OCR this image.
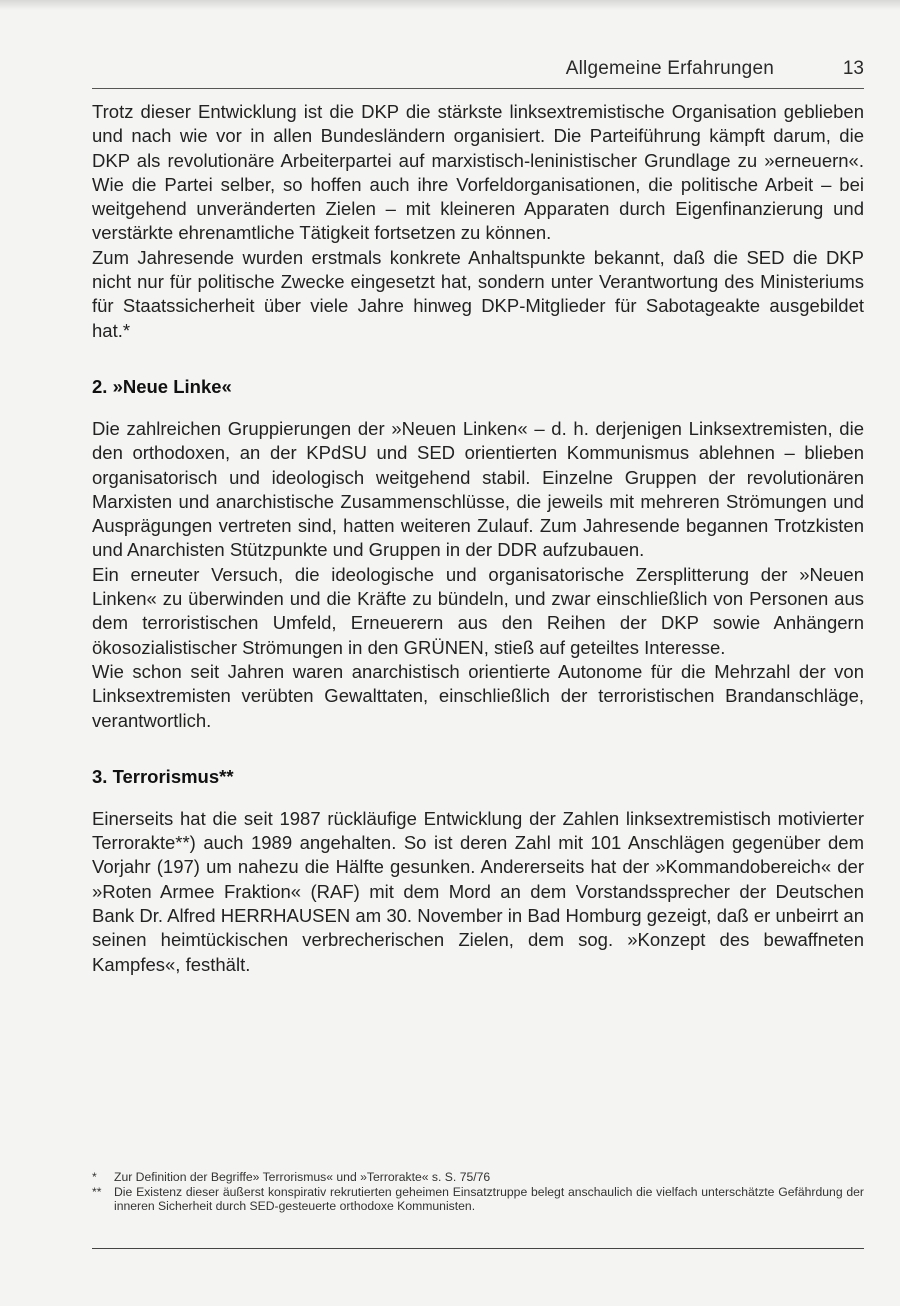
Allgemeine Erfahrungen	13

Trotz dieser Entwicklung ist die DKP die stärkste linksextremistische Organisation geblieben und nach wie vor in allen Bundesländern organisiert. Die Parteiführung kämpft darum, die DKP als revolutionäre Arbeiterpartei auf marxistisch-leninistischer Grundlage zu »erneuern«. Wie die Partei selber, so hoffen auch ihre Vorfeldorganisationen, die politische Arbeit – bei weitgehend unveränderten Zielen – mit kleineren Apparaten durch Eigenfinanzierung und verstärkte ehrenamtliche Tätigkeit fortsetzen zu können.

Zum Jahresende wurden erstmals konkrete Anhaltspunkte bekannt, daß die SED die DKP nicht nur für politische Zwecke eingesetzt hat, sondern unter Verantwortung des Ministeriums für Staatssicherheit über viele Jahre hinweg DKP-Mitglieder für Sabotageakte ausgebildet hat.*

2. »Neue Linke«

Die zahlreichen Gruppierungen der »Neuen Linken« – d. h. derjenigen Linksextremisten, die den orthodoxen, an der KPdSU und SED orientierten Kommunismus ablehnen – blieben organisatorisch und ideologisch weitgehend stabil. Einzelne Gruppen der revolutionären Marxisten und anarchistische Zusammenschlüsse, die jeweils mit mehreren Strömungen und Ausprägungen vertreten sind, hatten weiteren Zulauf. Zum Jahresende begannen Trotzkisten und Anarchisten Stützpunkte und Gruppen in der DDR aufzubauen.

Ein erneuter Versuch, die ideologische und organisatorische Zersplitterung der »Neuen Linken« zu überwinden und die Kräfte zu bündeln, und zwar einschließlich von Personen aus dem terroristischen Umfeld, Erneuerern aus den Reihen der DKP sowie Anhängern ökosozialistischer Strömungen in den GRÜNEN, stieß auf geteiltes Interesse.

Wie schon seit Jahren waren anarchistisch orientierte Autonome für die Mehrzahl der von Linksextremisten verübten Gewalttaten, einschließlich der terroristischen Brandanschläge, verantwortlich.

3. Terrorismus**

Einerseits hat die seit 1987 rückläufige Entwicklung der Zahlen linksextremistisch motivierter Terrorakte**) auch 1989 angehalten. So ist deren Zahl mit 101 Anschlägen gegenüber dem Vorjahr (197) um nahezu die Hälfte gesunken. Andererseits hat der »Kommandobereich« der »Roten Armee Fraktion« (RAF) mit dem Mord an dem Vorstandssprecher der Deutschen Bank Dr. Alfred HERRHAUSEN am 30. November in Bad Homburg gezeigt, daß er unbeirrt an seinen heimtückischen verbrecherischen Zielen, dem sog. »Konzept des bewaffneten Kampfes«, festhält.

*	Zur Definition der Begriffe» Terrorismus« und »Terrorakte« s. S. 75/76
**	Die Existenz dieser äußerst konspirativ rekrutierten geheimen Einsatztruppe belegt anschaulich die vielfach unterschätzte Gefährdung der inneren Sicherheit durch SED-gesteuerte orthodoxe Kommunisten.
